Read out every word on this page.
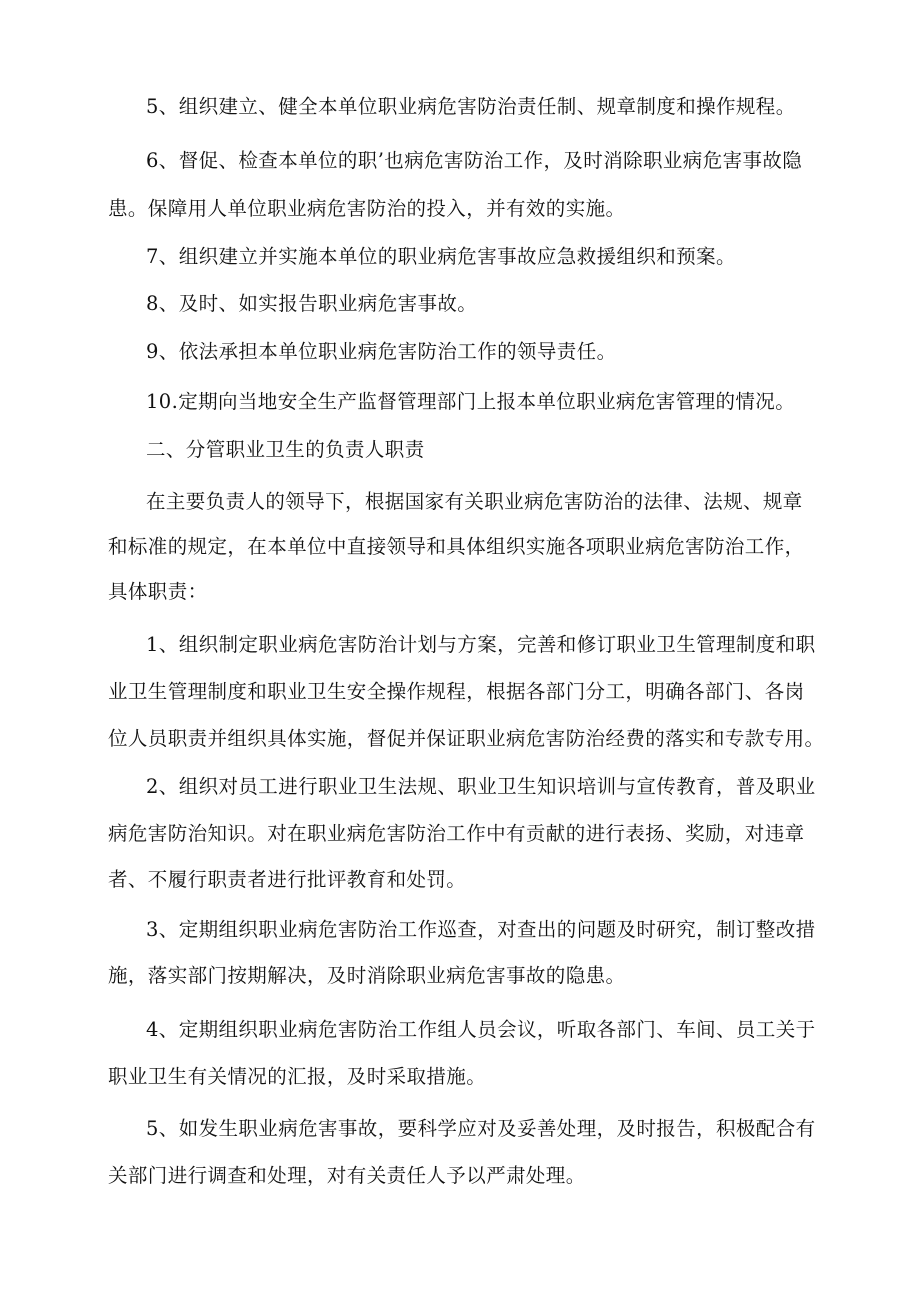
5、组织建立、健全本单位职业病危害防治责任制、规章制度和操作规程。
6、督促、检查本单位的职’也病危害防治工作，及时消除职业病危害事故隐
患。保障用人单位职业病危害防治的投入，并有效的实施。
7、组织建立并实施本单位的职业病危害事故应急救援组织和预案。
8、及时、如实报告职业病危害事故。
9、依法承担本单位职业病危害防治工作的领导责任。
10.定期向当地安全生产监督管理部门上报本单位职业病危害管理的情况。
二、分管职业卫生的负责人职责
在主要负责人的领导下，根据国家有关职业病危害防治的法律、法规、规章
和标准的规定，在本单位中直接领导和具体组织实施各项职业病危害防治工作，
具体职责：
1、组织制定职业病危害防治计划与方案，完善和修订职业卫生管理制度和职
业卫生管理制度和职业卫生安全操作规程，根据各部门分工，明确各部门、各岗
位人员职责并组织具体实施，督促并保证职业病危害防治经费的落实和专款专用。
2、组织对员工进行职业卫生法规、职业卫生知识培训与宣传教育，普及职业
病危害防治知识。对在职业病危害防治工作中有贡献的进行表扬、奖励，对违章
者、不履行职责者进行批评教育和处罚。
3、定期组织职业病危害防治工作巡查，对查出的问题及时研究，制订整改措
施，落实部门按期解决，及时消除职业病危害事故的隐患。
4、定期组织职业病危害防治工作组人员会议，听取各部门、车间、员工关于
职业卫生有关情况的汇报，及时采取措施。
5、如发生职业病危害事故，要科学应对及妥善处理，及时报告，积极配合有
关部门进行调查和处理，对有关责任人予以严肃处理。
